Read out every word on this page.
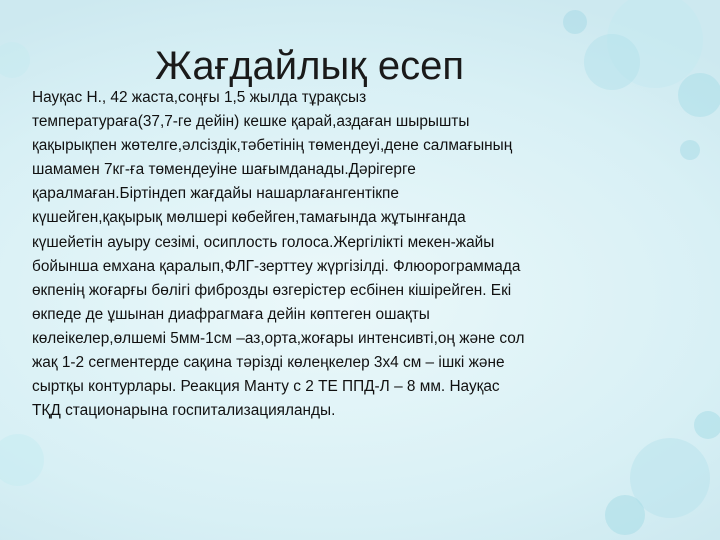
Жағдайлық есеп
Науқас Н., 42 жаста,соңғы 1,5 жылда тұрақсыз
температураға(37,7-ге дейін) кешке қарай,аздаған шырышты
қақырықпен жөтелге,әлсіздік,тәбетінің төмендеуі,дене салмағының
шамамен 7кг-ға төмендеуіне шағымданады.Дәрігерге
қаралмаған.Біртіндеп жағдайы нашарлағангентікпе
күшейген,қақырық мөлшері көбейген,тамағында жұтынғанда
күшейетін ауыру сезімі, осиплость голоса.Жергілікті мекен-жайы
бойынша емхана қаралып,ФЛГ-зерттеу жүргізілді. Флюорограммада
өкпенің жоғарғы бөлігі фиброзды өзгерістер есбінен кішірейген. Екі
өкпеде де ұшынан диафрагмаға дейін көптеген ошақты
көлеікелер,өлшемі 5мм-1см –аз,орта,жоғары интенсивті,оң және сол
жақ 1-2 сегментерде сақина тәрізді көлеңкелер 3х4 см – ішкі және
сыртқы контурлары. Реакция Манту с 2 ТЕ ППД-Л – 8 мм. Науқас
ТҚД стационарына госпитализацияланды.
